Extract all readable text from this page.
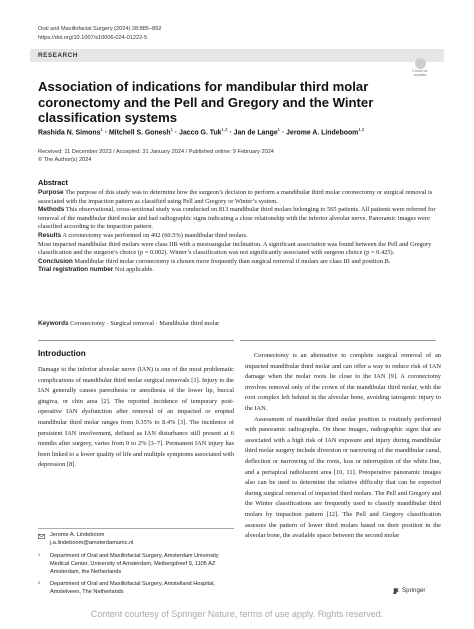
Oral and Maxillofacial Surgery (2024) 28:885–892
https://doi.org/10.1007/s10006-024-01222-5
RESEARCH
Check for
updates
Association of indications for mandibular third molar coronectomy and the Pell and Gregory and the Winter classification systems
Rashida N. Simons$^1$ · Mitchell S. Gonesh$^1$ · Jacco G. Tuk$^{1,2}$ · Jan de Lange$^1$ · Jerome A. Lindeboom$^{1,2}$
Received: 11 December 2023 / Accepted: 31 January 2024 / Published online: 9 February 2024
© The Author(s) 2024
Abstract

Purpose The purpose of this study was to determine how the surgeon’s decision to perform a mandibular third molar coronectomy or surgical removal is associated with the impaction pattern as classified using Pell and Gregory or Winter’s system.

Methods This observational, cross-sectional study was conducted on 813 mandibular third molars belonging to 565 patients. All patients were referred for removal of the mandibular third molar and had radiographic signs indicating a close relationship with the inferior alveolar nerve. Panoramic images were classified according to the impaction pattern.

Results A coronectomy was performed on 492 (60.5%) mandibular third molars.

Most impacted mandibular third molars were class IIB with a mesioangular inclination. A significant association was found between the Pell and Gregory classification and the surgeon’s choice (p = 0.002). Winter’s classification was not significantly associated with surgeon choice (p = 0.425).

Conclusion Mandibular third molar coronectomy is chosen more frequently than surgical removal if molars are class III and position B.

Trial registration number Not applicable.

Keywords Coronectomy · Surgical removal · Mandibular third molar
Introduction

Damage to the inferior alveolar nerve (IAN) is one of the most problematic complications of mandibular third molar surgical removals [1]. Injury to the IAN generally causes paresthesia or anesthesia of the lower lip, buccal gingiva, or chin area [2]. The reported incidence of temporary post-operative IAN dysfunction after removal of an impacted or erupted mandibular third molar ranges from 0.35% to 8.4% [3]. The incidence of persistent IAN involvement, defined as IAN disturbance still present at 6 months after surgery, varies from 0 to 2% [3–7]. Permanent IAN injury has been linked to a lower quality of life and multiple symptoms associated with depression [8].

Coronectomy is an alternative to complete surgical removal of an impacted mandibular third molar and can offer a way to reduce risk of IAN damage when the molar roots lie close to the IAN [9]. A coronectomy involves removal only of the crown of the mandibular third molar, with the root complex left behind in the alveolar bone, avoiding iatrogenic injury to the IAN.

Assessment of mandibular third molar position is routinely performed with panoramic radiographs. On these images, radiographic signs that are associated with a high risk of IAN exposure and injury during mandibular third molar surgery include diversion or narrowing of the mandibular canal, deflection or narrowing of the roots, loss or interruption of the white line, and a periapical radiolucent area [10, 11]. Preoperative panoramic images also can be used to determine the relative difficulty that can be expected during surgical removal of impacted third molars. The Pell and Gregory and the Winter classifications are frequently used to classify mandibular third molars by impaction pattern [12]. The Pell and Gregory classification assesses the pattern of lower third molars based on their position in the alveolar bone, the available space between the second molar

Jerome A. Lindeboom
j.a.lindeboom@amsterdamumc.nl
1 Department of Oral and Maxillofacial Surgery, Amsterdam University Medical Center, University of Amsterdam, Meibergdreef 9, 1105 AZ Amsterdam, the Netherlands
2 Department of Oral and Maxillofacial Surgery, Amstelland Hospital, Amstelveen, The Netherlands	Springer
Content courtesy of Springer Nature, terms of use apply. Rights reserved.
